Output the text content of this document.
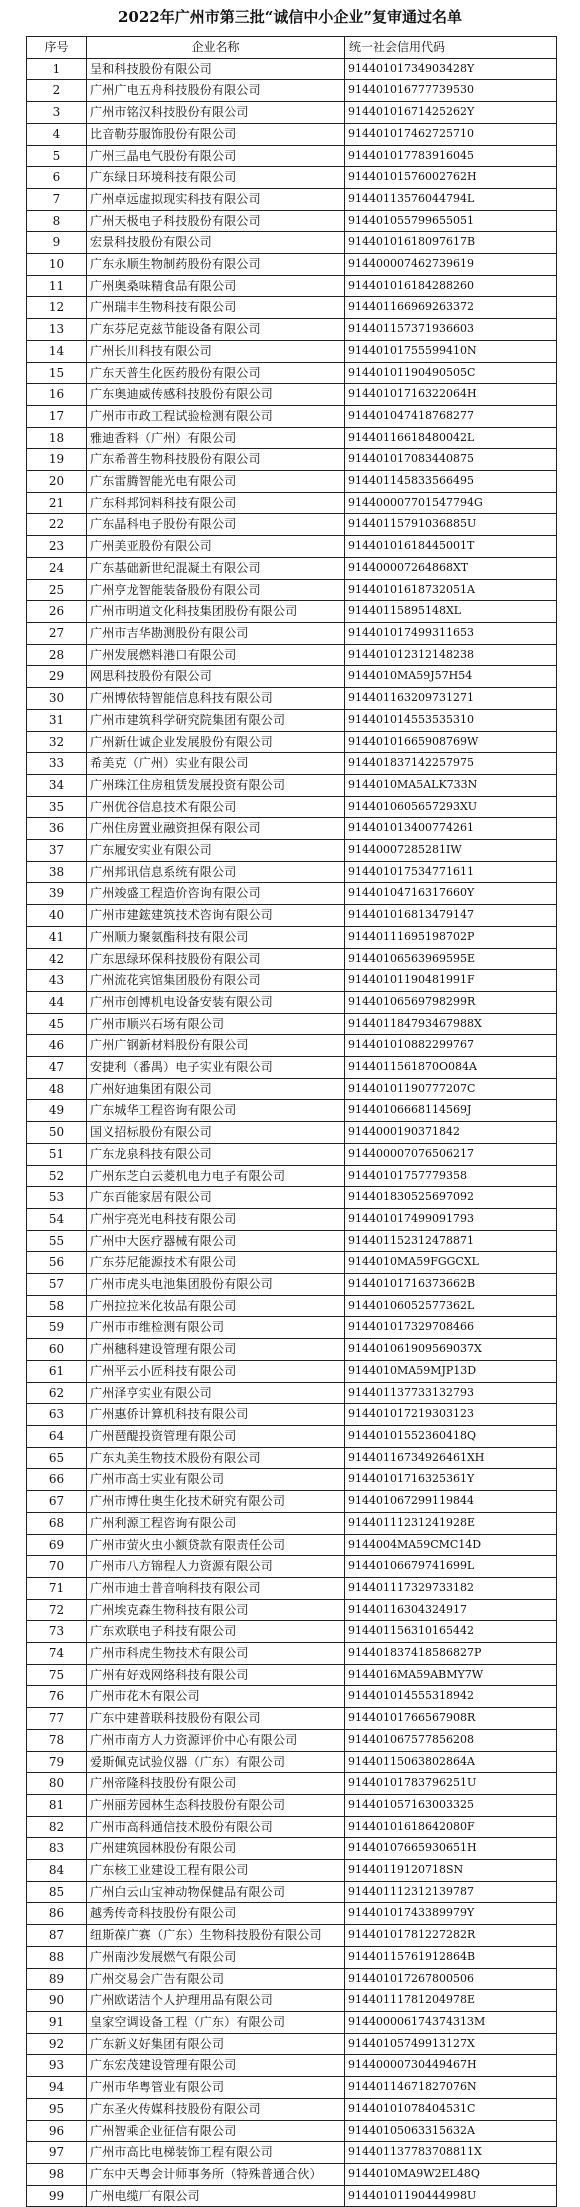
2022年广州市第三批“诚信中小企业”复审通过名单
序号	企业名称	统一社会信用代码
1	呈和科技股份有限公司	91440101734903428Y
2	广州广电五舟科技股份有限公司	914401016777739530
3	广州市铭汉科技股份有限公司	91440101671425262Y
4	比音勒芬服饰股份有限公司	914401017462725710
5	广州三晶电气股份有限公司	914401017783916045
6	广东绿日环境科技有限公司	91440101576002762H
7	广州卓远虚拟现实科技有限公司	91440113576044794L
8	广州天极电子科技股份有限公司	914401055799655051
9	宏景科技股份有限公司	91440101618097617B
10	广东永顺生物制药股份有限公司	914400007462739619
11	广州奥桑味精食品有限公司	914401016184288260
12	广州瑞丰生物科技有限公司	914401166969263372
13	广东芬尼克兹节能设备有限公司	914401157371936603
14	广州长川科技有限公司	91440101755599410N
15	广东天普生化医药股份有限公司	91440101190490505C
16	广东奥迪威传感科技股份有限公司	91440101716322064H
17	广州市市政工程试验检测有限公司	914401047418768277
18	雅迪香料（广州）有限公司	91440116618480042L
19	广东希普生物科技股份有限公司	914401017083440875
20	广东雷腾智能光电有限公司	914401145833566495
21	广东科邦饲料科技有限公司	914400007701547794G
22	广东晶科电子股份有限公司	91440115791036885U
23	广州美亚股份有限公司	91440101618445001T
24	广东基础新世纪混凝土有限公司	914400007264868XT
25	广州亨龙智能装备股份有限公司	91440101618732051A
26	广州市明道文化科技集团股份有限公司	91440115895148XL
27	广州市吉华勘测股份有限公司	914401017499311653
28	广州发展燃料港口有限公司	914401012312148238
29	网思科技股份有限公司	9144010MA59J57H54
30	广州博依特智能信息科技有限公司	914401163209731271
31	广州市建筑科学研究院集团有限公司	914401014553535310
32	广州新仕诚企业发展股份有限公司	91440101665908769W
33	希美克（广州）实业有限公司	914401837142257975
34	广州珠江住房租赁发展投资有限公司	9144010MA5ALK733N
35	广州优谷信息技术有限公司	9144010605657293XU
36	广州住房置业融资担保有限公司	914401013400774261
37	广东履安实业有限公司	91440007285281IW
38	广州邦讯信息系统有限公司	914401017534771611
39	广州竣盛工程造价咨询有限公司	91440104716317660Y
40	广州市建鋐建筑技术咨询有限公司	914401016813479147
41	广州顺力聚氨酯科技有限公司	91440111695198702P
42	广东思绿环保科技股份有限公司	91440106563969595E
43	广州流花宾馆集团股份有限公司	91440101190481991F
44	广州市创博机电设备安装有限公司	91440106569798299R
45	广州市顺兴石场有限公司	914401184793467988X
46	广州广钢新材料股份有限公司	914401010882299767
47	安捷利（番禺）电子实业有限公司	9144011561870O084A
48	广州好迪集团有限公司	91440101190777207C
49	广东城华工程咨询有限公司	91440106668114569J
50	国义招标股份有限公司	9144000190371842
51	广东龙泉科技有限公司	914400007076506217
52	广州东芝白云菱机电力电子有限公司	91440101757779358
53	广东百能家居有限公司	914401830525697092
54	广州宇亮光电科技有限公司	914401017499091793
55	广州中大医疗器械有限公司	914401152312478871
56	广东芬尼能源技术有限公司	9144010MA59FGGCXL
57	广州市虎头电池集团股份有限公司	91440101716373662B
58	广州拉拉米化妆品有限公司	91440106052577362L
59	广州市市维检测有限公司	914401017329708466
60	广州穗科建设管理有限公司	914401061909569037X
61	广州平云小匠科技有限公司	9144010MA59MJP13D
62	广州泽亨实业有限公司	914401137733132793
63	广州惠侨计算机科技有限公司	914401017219303123
64	广州琶醍投资管理有限公司	91440101552360418Q
65	广东丸美生物技术股份有限公司	91440116734926461XH
66	广州市高士实业有限公司	91440101716325361Y
67	广州市博仕奥生化技术研究有限公司	914401067299119844
68	广州利源工程咨询有限公司	91440111231241928E
69	广州市萤火虫小额贷款有限责任公司	9144004MA59CMC14D
70	广州市八方锦程人力资源有限公司	91440106679741699L
71	广州市迪士普音响科技有限公司	914401117329733182
72	广州埃克森生物科技有限公司	91440116304324917
73	广东欢联电子科技有限公司	914401156310165442
74	广州市科虎生物技术有限公司	914401837418586827P
75	广州有好戏网络科技有限公司	9144016MA59ABMY7W
76	广州市花木有限公司	914401014555318942
77	广东中建普联科技股份有限公司	91440101766567908R
78	广州市南方人力资源评价中心有限公司	914401067577856208
79	爱斯佩克试验仪器（广东）有限公司	91440115063802864A
80	广州帝隆科技股份有限公司	91440101783796251U
81	广州丽芳园林生态科技股份有限公司	914401057163003325
82	广州市高科通信技术股份有限公司	91440101618642080F
83	广州建筑园林股份有限公司	91440107665930651H
84	广东核工业建设工程有限公司	91440119120718SN
85	广州白云山宝神动物保健品有限公司	914401112312139787
86	越秀传奇科技股份有限公司	91440101743389979Y
87	纽斯葆广赛（广东）生物科技股份有限公司	91440101781227282R
88	广州南沙发展燃气有限公司	91440115761912864B
89	广州交易会广告有限公司	914401017267800506
90	广州欧诺洁个人护理用品有限公司	91440111781204978E
91	皇家空调设备工程（广东）有限公司	914400006174374313M
92	广东新义好集团有限公司	91440105749913127X
93	广东宏茂建设管理有限公司	91440000730449467H
94	广州市华粤管业有限公司	91440114671827076N
95	广东圣火传媒科技股份有限公司	91440101078404531C
96	广州智乘企业征信有限公司	91440105063315632A
97	广州市高比电梯装饰工程有限公司	914401137783708811X
98	广东中天粤会计师事务所（特殊普通合伙）	9144010MA9W2EL48Q
99	广州电缆厂有限公司	91440101190444998U
